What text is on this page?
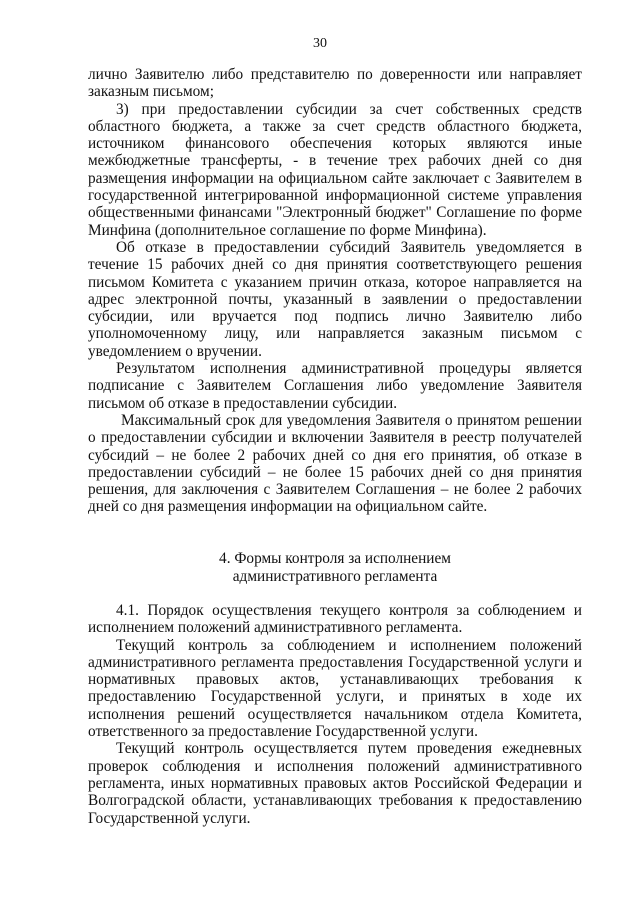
30

лично Заявителю либо представителю по доверенности или направляет заказным письмом;

3) при предоставлении субсидии за счет собственных средств областного бюджета, а также за счет средств областного бюджета, источником финансового обеспечения которых являются иные межбюджетные трансферты, - в течение трех рабочих дней со дня размещения информации на официальном сайте заключает с Заявителем в государственной интегрированной информационной системе управления общественными финансами "Электронный бюджет" Соглашение по форме Минфина (дополнительное соглашение по форме Минфина).

Об отказе в предоставлении субсидий Заявитель уведомляется в течение 15 рабочих дней со дня принятия соответствующего решения письмом Комитета с указанием причин отказа, которое направляется на адрес электронной почты, указанный в заявлении о предоставлении субсидии, или вручается под подпись лично Заявителю либо уполномоченному лицу, или направляется заказным письмом с уведомлением о вручении.

Результатом исполнения административной процедуры является подписание с Заявителем Соглашения либо уведомление Заявителя письмом об отказе в предоставлении субсидии.

Максимальный срок для уведомления Заявителя о принятом решении о предоставлении субсидии и включении Заявителя в реестр получателей субсидий – не более 2 рабочих дней со дня его принятия, об отказе в предоставлении субсидий – не более 15 рабочих дней со дня принятия решения, для заключения с Заявителем Соглашения – не более 2 рабочих дней со дня размещения информации на официальном сайте.

4. Формы контроля за исполнением
административного регламента

4.1. Порядок осуществления текущего контроля за соблюдением и исполнением положений административного регламента.

Текущий контроль за соблюдением и исполнением положений административного регламента предоставления Государственной услуги и нормативных правовых актов, устанавливающих требования к предоставлению Государственной услуги, и принятых в ходе их исполнения решений осуществляется начальником отдела Комитета, ответственного за предоставление Государственной услуги.

Текущий контроль осуществляется путем проведения ежедневных проверок соблюдения и исполнения положений административного регламента, иных нормативных правовых актов Российской Федерации и Волгоградской области, устанавливающих требования к предоставлению Государственной услуги.
